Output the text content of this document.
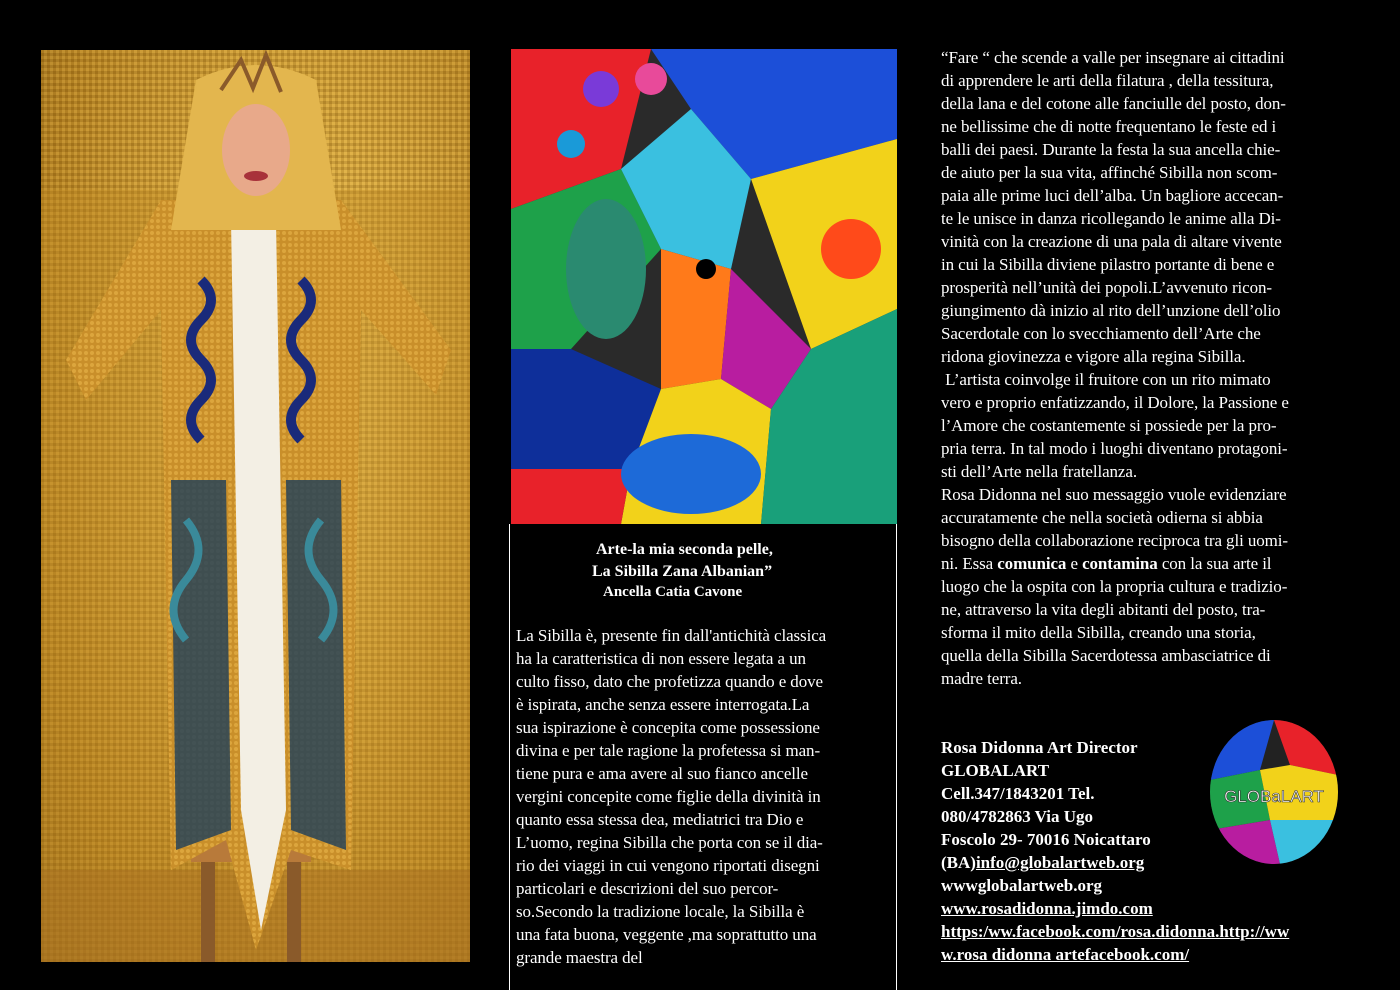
Arte-la mia seconda pelle,

La Sibilla Zana Albanian”

Ancella Catia Cavone

La Sibilla è, presente fin dall'antichità classica
ha la caratteristica di non essere legata a un
culto fisso, dato che profetizza quando e dove
è ispirata, anche senza essere interrogata.La
sua ispirazione è concepita come possessione
divina e per tale ragione la profetessa si man-
tiene pura e ama avere al suo fianco ancelle
vergini concepite come figlie della divinità in
quanto essa stessa dea, mediatrici tra Dio e
L’uomo, regina Sibilla che porta con se il dia-
rio dei viaggi in cui vengono riportati disegni
particolari e descrizioni del suo percor-
so.Secondo la tradizione locale, la Sibilla è
una fata buona, veggente ,ma soprattutto una
grande maestra del
“Fare “ che scende a valle per insegnare ai cittadini
di apprendere le arti della filatura , della tessitura,
della lana e del cotone alle fanciulle del posto, don-
ne bellissime che di notte frequentano le feste ed i
balli dei paesi. Durante la festa la sua ancella chie-
de aiuto per la sua vita, affinché Sibilla non scom-
paia alle prime luci dell’alba. Un bagliore accecan-
te le unisce in danza ricollegando le anime alla Di-
vinità con la creazione di una pala di altare vivente
in cui la Sibilla diviene pilastro portante di bene e
prosperità nell’unità dei popoli.L’avvenuto ricon-
giungimento dà inizio al rito dell’unzione dell’olio
Sacerdotale con lo svecchiamento dell’Arte che
ridona giovinezza e vigore alla regina Sibilla.
L’artista coinvolge il fruitore con un rito mimato
vero e proprio enfatizzando, il Dolore, la Passione e
l’Amore che costantemente si possiede per la pro-
pria terra. In tal modo i luoghi diventano protagoni-
sti dell’Arte nella fratellanza.
Rosa Didonna nel suo messaggio vuole evidenziare
accuratamente che nella società odierna si abbia
bisogno della collaborazione reciproca tra gli uomi-
ni. Essa comunica e contamina con la sua arte il
luogo che la ospita con la propria cultura e tradizio-
ne, attraverso la vita degli abitanti del posto, tra-
sforma il mito della Sibilla, creando una storia,
quella della Sibilla Sacerdotessa ambasciatrice di
madre terra.
Rosa Didonna Art Director
GLOBALART
Cell.347/1843201 Tel.
080/4782863 Via Ugo
Foscolo 29- 70016 Noicattaro
(BA)info@globalartweb.org
wwwglobalartweb.org
www.rosadidonna.jimdo.com
https:/ww.facebook.com/rosa.didonna.http://ww
w.rosa didonna artefacebook.com/
GLOBaLART
